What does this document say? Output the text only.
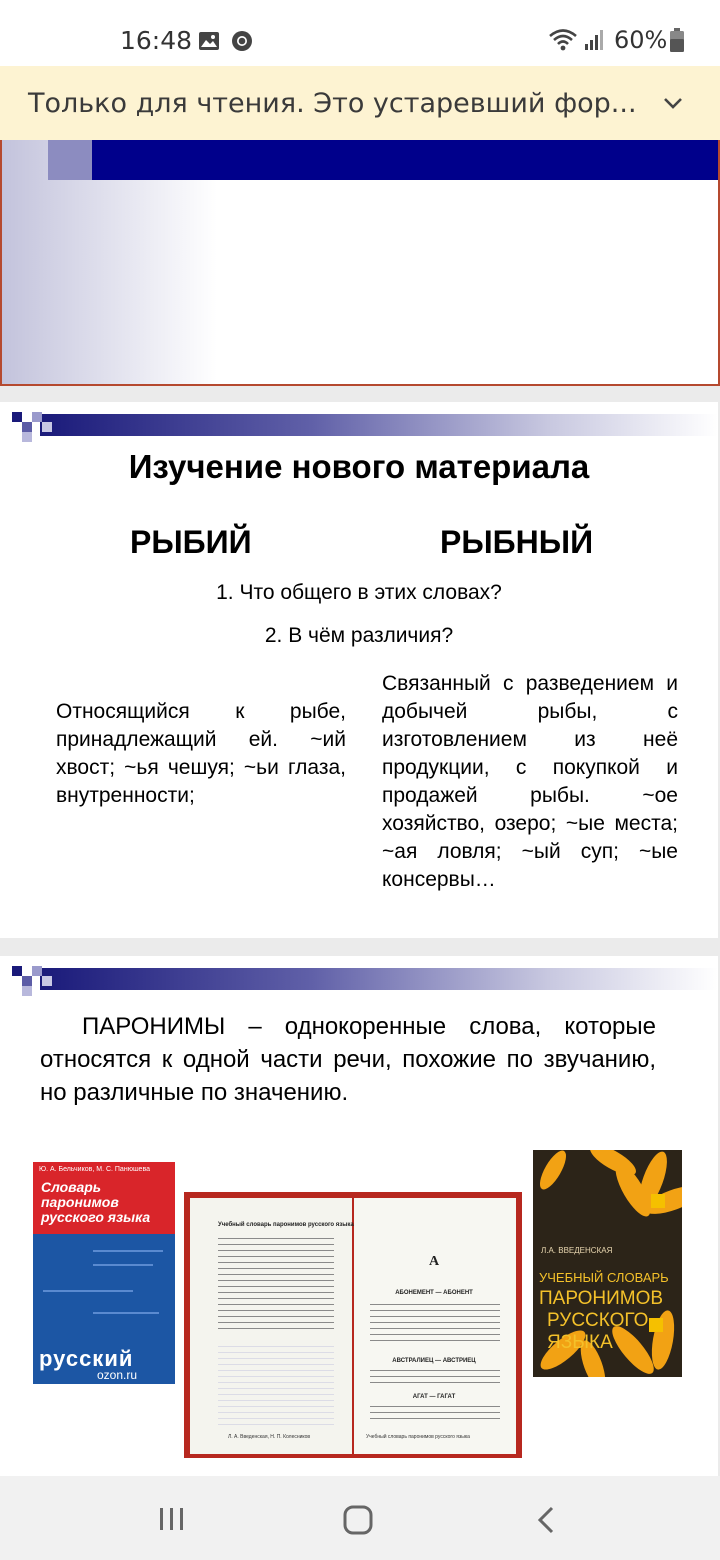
16:48	60%
Только для чтения. Это устаревший фор...
Изучение нового материала
РЫБИЙ	РЫБНЫЙ
1. Что общего в этих словах?
2. В чём различия?
Относящийся к рыбе, принадлежащий ей. ~ий хвост; ~ья чешуя; ~ьи глаза, внутренности;
Связанный с разведением и добычей рыбы, с изготовлением из неё продукции, с покупкой и продажей рыбы. ~ое хозяйство, озеро; ~ые места; ~ая ловля; ~ый суп; ~ые консервы…
ПАРОНИМЫ – однокоренные слова, которые относятся к одной части речи, похожие по звучанию, но различные по значению.
Ю. А. Бельчиков, М. С. Панюшева
Словарь
паронимов
русского языка
русский
ozon.ru
Учебный словарь паронимов русского языка
Л. А. Введенская, Н. П. Колесников
А
АБОНЕМЕНТ — АБОНЕНТ
АВСТРАЛИЕЦ — АВСТРИЕЦ
АГАТ — ГАГАТ
Учебный словарь паронимов русского языка
Л.А. ВВЕДЕНСКАЯ
УЧЕБНЫЙ СЛОВАРЬ
ПАРОНИМОВ
РУССКОГО
ЯЗЫКА
